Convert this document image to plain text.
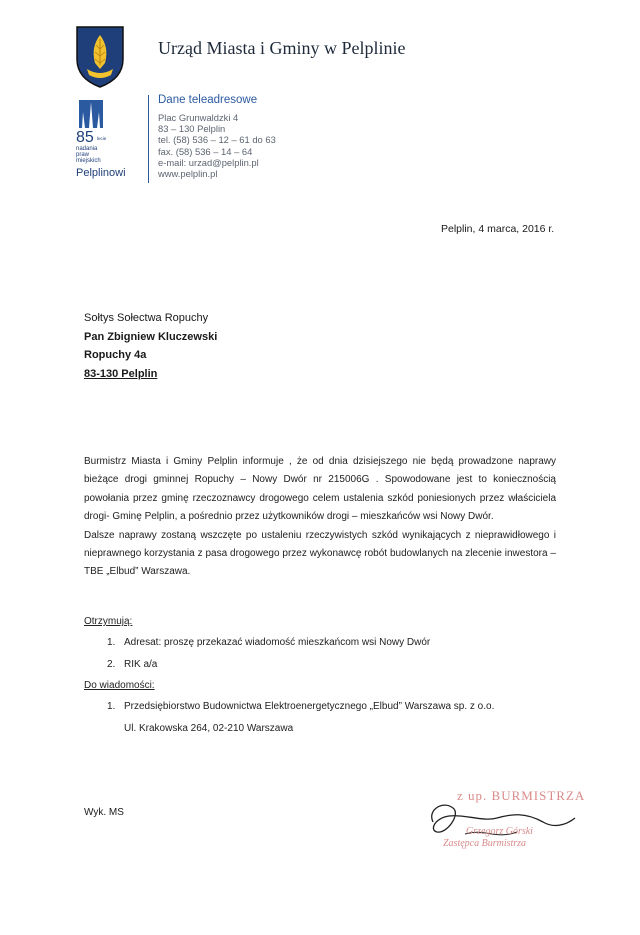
85 lecie
nadania
praw
miejskich
Pelplinowi
Urząd Miasta i Gminy w Pelplinie
Dane teleadresowe
Plac Grunwaldzki 4
83 – 130 Pelplin
tel. (58) 536 – 12 – 61 do 63
fax. (58) 536 – 14 – 64
e-mail: urzad@pelplin.pl
www.pelplin.pl
Pelplin, 4 marca, 2016 r.
Sołtys Sołectwa Ropuchy
Pan Zbigniew Kluczewski
Ropuchy 4a
83-130 Pelplin

Burmistrz Miasta i Gminy Pelplin informuje , że od dnia dzisiejszego nie będą prowadzone naprawy bieżące drogi gminnej Ropuchy – Nowy Dwór nr 215006G . Spowodowane jest to koniecznością powołania przez gminę rzeczoznawcy drogowego celem ustalenia szkód poniesionych przez właściciela drogi- Gminę Pelplin, a pośrednio przez użytkowników drogi – mieszkańców wsi Nowy Dwór.

Dalsze naprawy zostaną wszczęte po ustaleniu rzeczywistych szkód wynikających z nieprawidłowego i nieprawnego korzystania z pasa drogowego przez wykonawcę robót budowlanych na zlecenie inwestora – TBE „Elbud” Warszawa.

Otrzymują:
1. Adresat: proszę przekazać wiadomość mieszkańcom wsi Nowy Dwór
2. RIK a/a
Do wiadomości:
1. Przedsiębiorstwo Budownictwa Elektroenergetycznego „Elbud” Warszawa sp. z o.o.
Ul. Krakowska 264, 02-210 Warszawa
Wyk. MS
z up. BURMISTRZA
Grzegorz Górski
Zastępca Burmistrza
